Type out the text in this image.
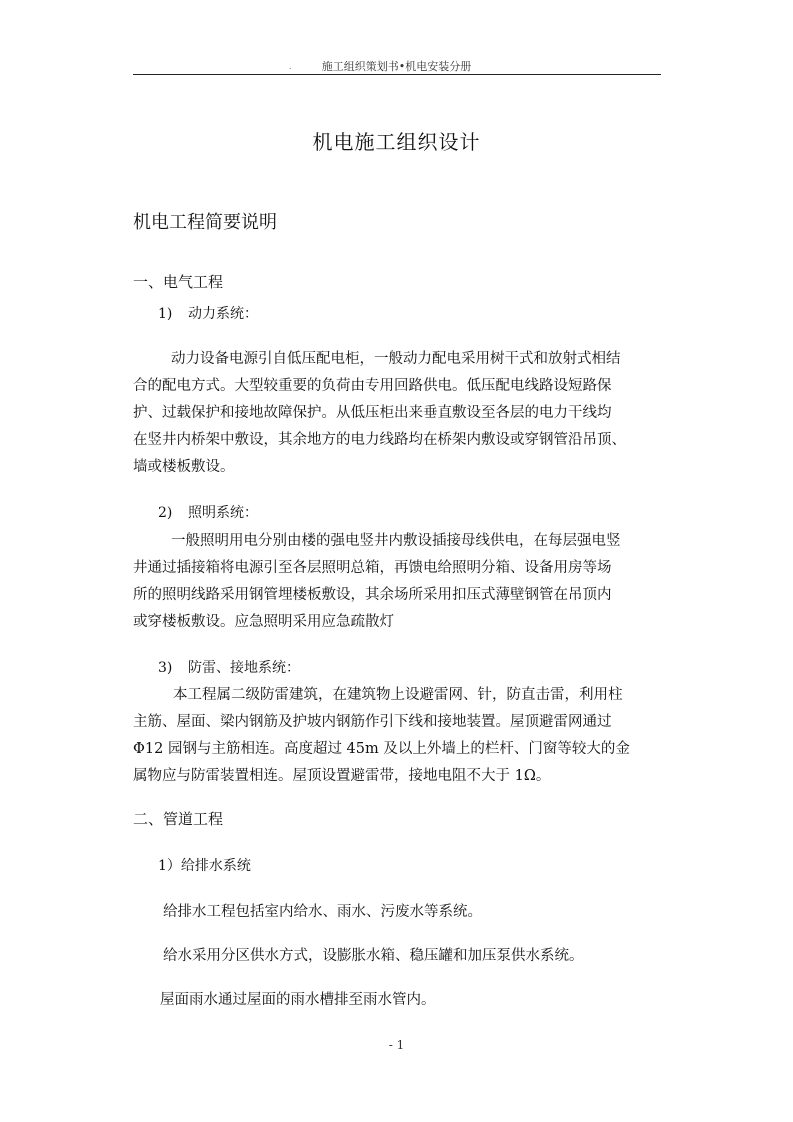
.	施工组织策划书•机电安装分册
机电施工组织设计
机电工程简要说明
一、电气工程
1) 动力系统：
动力设备电源引自低压配电柜，一般动力配电采用树干式和放射式相结
合的配电方式。大型较重要的负荷由专用回路供电。低压配电线路设短路保
护、过载保护和接地故障保护。从低压柜出来垂直敷设至各层的电力干线均
在竖井内桥架中敷设，其余地方的电力线路均在桥架内敷设或穿钢管沿吊顶、
墙或楼板敷设。
2) 照明系统：
一般照明用电分别由楼的强电竖井内敷设插接母线供电，在每层强电竖
井通过插接箱将电源引至各层照明总箱，再馈电给照明分箱、设备用房等场
所的照明线路采用钢管埋楼板敷设，其余场所采用扣压式薄壁钢管在吊顶内
或穿楼板敷设。应急照明采用应急疏散灯
3) 防雷、接地系统：
本工程属二级防雷建筑，在建筑物上设避雷网、针，防直击雷，利用柱
主筋、屋面、梁内钢筋及护坡内钢筋作引下线和接地装置。屋顶避雷网通过
Φ12 园钢与主筋相连。高度超过 45m 及以上外墙上的栏杆、门窗等较大的金
属物应与防雷装置相连。屋顶设置避雷带，接地电阻不大于 1Ω。
二、管道工程
1）给排水系统
给排水工程包括室内给水、雨水、污废水等系统。
给水采用分区供水方式，设膨胀水箱、稳压罐和加压泵供水系统。
屋面雨水通过屋面的雨水槽排至雨水管内。
- 1
